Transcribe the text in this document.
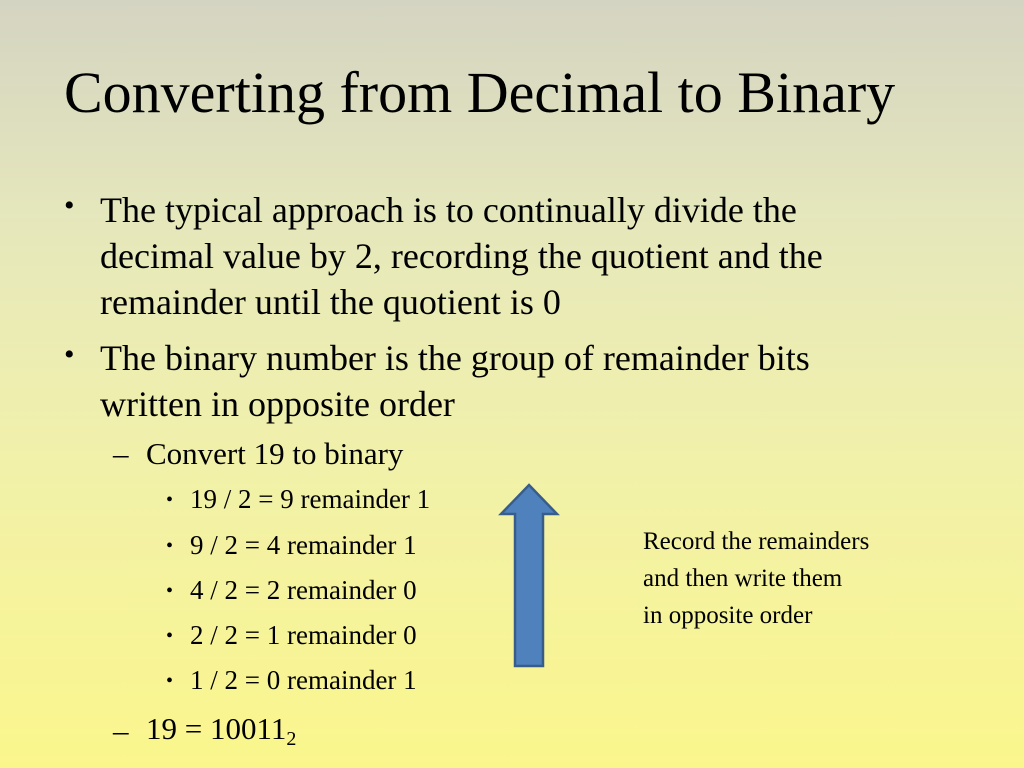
Converting from Decimal to Binary
• The typical approach is to continually divide the
decimal value by 2, recording the quotient and the
remainder until the quotient is 0
• The binary number is the group of remainder bits
written in opposite order
– Convert 19 to binary
• 19 / 2 = 9 remainder 1
• 9 / 2 = 4 remainder 1
• 4 / 2 = 2 remainder 0
• 2 / 2 = 1 remainder 0
• 1 / 2 = 0 remainder 1
– $19 = 10011_2$
Record the remainders
and then write them
in opposite order
